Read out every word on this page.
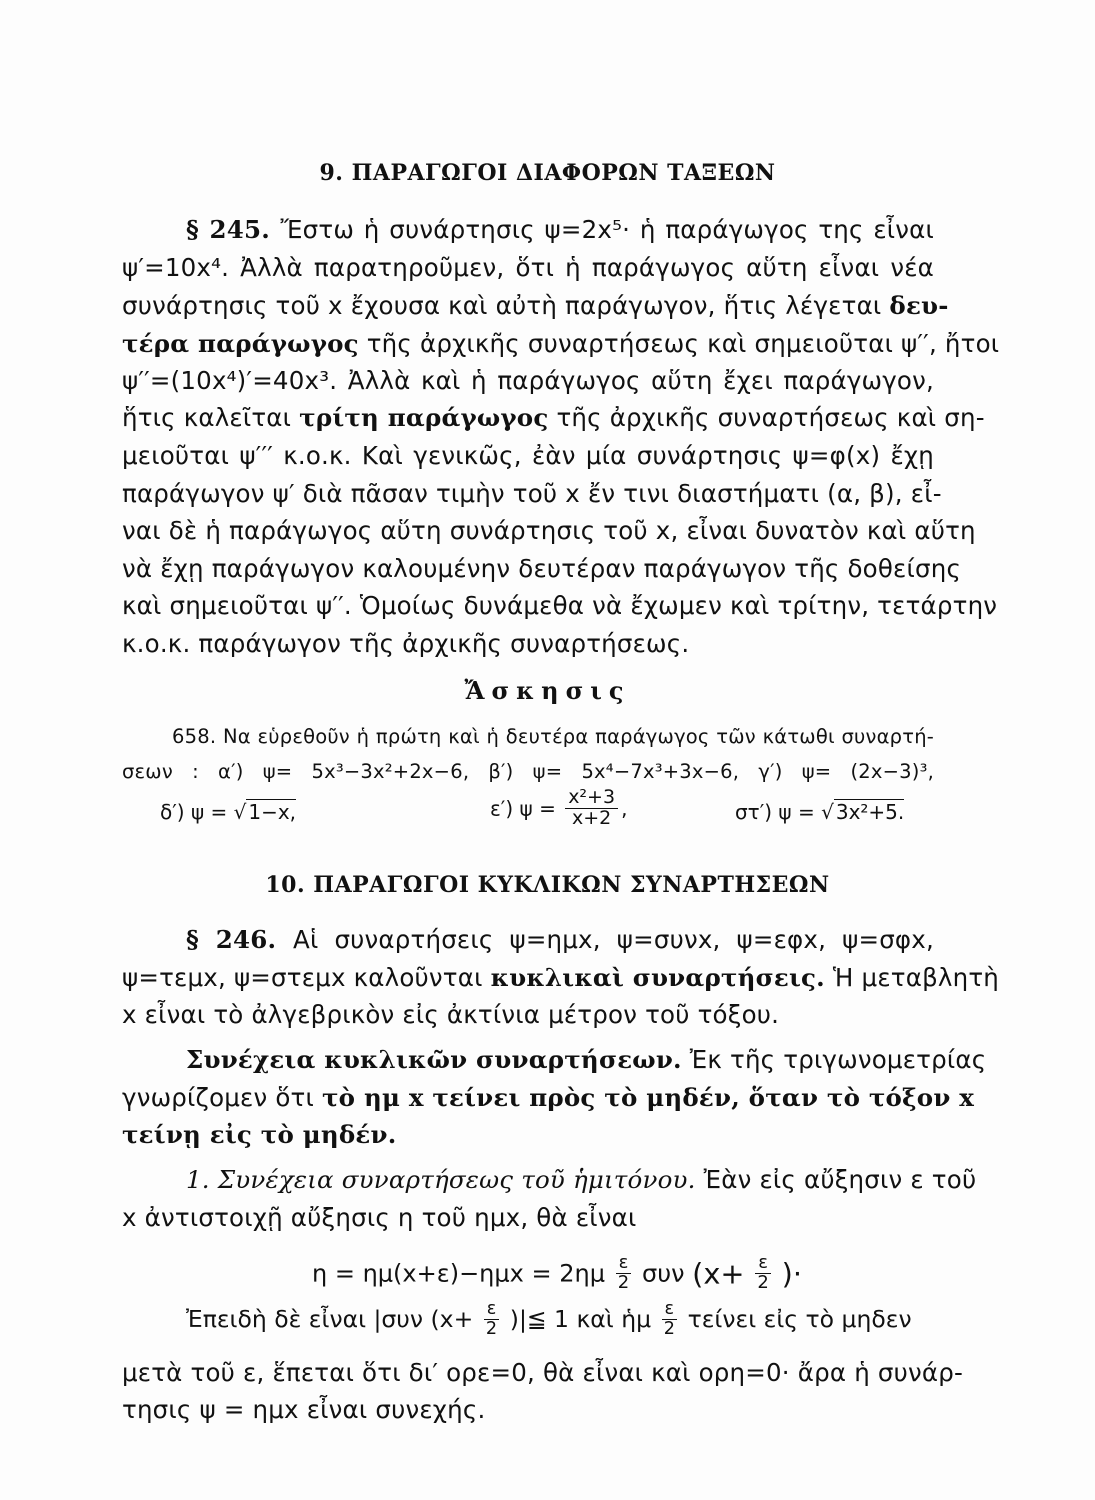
9. ΠΑΡΑΓΩΓΟΙ ΔΙΑΦΟΡΩΝ ΤΑΞΕΩΝ
§ 245. Ἔστω ἡ συνάρτησις ψ=2x⁵· ἡ παράγωγος της εἶναι
ψ′=10x⁴. Ἀλλὰ παρατηροῦμεν, ὅτι ἡ παράγωγος αὕτη εἶναι νέα
συνάρτησις τοῦ x ἔχουσα καὶ αὐτὴ παράγωγον, ἥτις λέγεται δευ-
τέρα παράγωγος τῆς ἀρχικῆς συναρτήσεως καὶ σημειοῦται ψ′′, ἤτοι
ψ′′=(10x⁴)′=40x³. Ἀλλὰ καὶ ἡ παράγωγος αὕτη ἔχει παράγωγον,
ἥτις καλεῖται τρίτη παράγωγος τῆς ἀρχικῆς συναρτήσεως καὶ ση-
μειοῦται ψ′′′ κ.ο.κ. Καὶ γενικῶς, ἐὰν μία συνάρτησις ψ=φ(x) ἔχῃ
παράγωγον ψ′ διὰ πᾶσαν τιμὴν τοῦ x ἔν τινι διαστήματι (α, β), εἶ-
ναι δὲ ἡ παράγωγος αὕτη συνάρτησις τοῦ x, εἶναι δυνατὸν καὶ αὕτη
νὰ ἔχῃ παράγωγον καλουμένην δευτέραν παράγωγον τῆς δοθείσης
καὶ σημειοῦται ψ′′. Ὁμοίως δυνάμεθα νὰ ἔχωμεν καὶ τρίτην, τετάρτην
κ.ο.κ. παράγωγον τῆς ἀρχικῆς συναρτήσεως.
Ἄσκησις
658. Να εὑρεθοῦν ἡ πρώτη καὶ ἡ δευτέρα παράγωγος τῶν κάτωθι συναρτή-
σεων : α′) ψ= 5x³−3x²+2x−6, β′) ψ= 5x⁴−7x³+3x−6, γ′) ψ= (2x−3)³,
δ′) ψ = √ 1−x,	ε′) $\psi = \frac{\text{x²+3}}{x+2}$ ,	στ′) ψ = √ 3x²+5.
10. ΠΑΡΑΓΩΓΟΙ ΚΥΚΛΙΚΩΝ ΣΥΝΑΡΤΗΣΕΩΝ
§ 246. Αἱ συναρτήσεις ψ=ημx, ψ=συνx, ψ=εφx, ψ=σφx,
ψ=τεμx, ψ=στεμx καλοῦνται κυκλικαὶ συναρτήσεις. Ἡ μεταβλητὴ
x εἶναι τὸ ἀλγεβρικὸν εἰς ἀκτίνια μέτρον τοῦ τόξου.
Συνέχεια κυκλικῶν συναρτήσεων. Ἐκ τῆς τριγωνομετρίας
γνωρίζομεν ὅτι τὸ ημ x τείνει πρὸς τὸ μηδέν, ὅταν τὸ τόξον x
τείνῃ εἰς τὸ μηδέν.
1. Συνέχεια συναρτήσεως τοῦ ἡμιτόνου. Ἐὰν εἰς αὔξησιν ε τοῦ
x ἀντιστοιχῇ αὔξησις η τοῦ ημx, θὰ εἶναι
$\eta = \eta\mu(x+\varepsilon)-\eta\mu x = 2\eta\mu \frac{\varepsilon}{2}$ συν ($x+ \frac{\varepsilon}{2}$ )·
Ἐπειδὴ δὲ εἶναι |συν ($x+ \frac{\varepsilon}{2}$ )|≦ 1 καὶ ἡμ $\frac{\varepsilon}{2}$ τείνει εἰς τὸ μηδεν
μετὰ τοῦ ε, ἕπεται ὅτι δι′ ορε=0, θὰ εἶναι καὶ ορη=0· ἄρα ἡ συνάρ-
τησις ψ = ημx εἶναι συνεχής.
